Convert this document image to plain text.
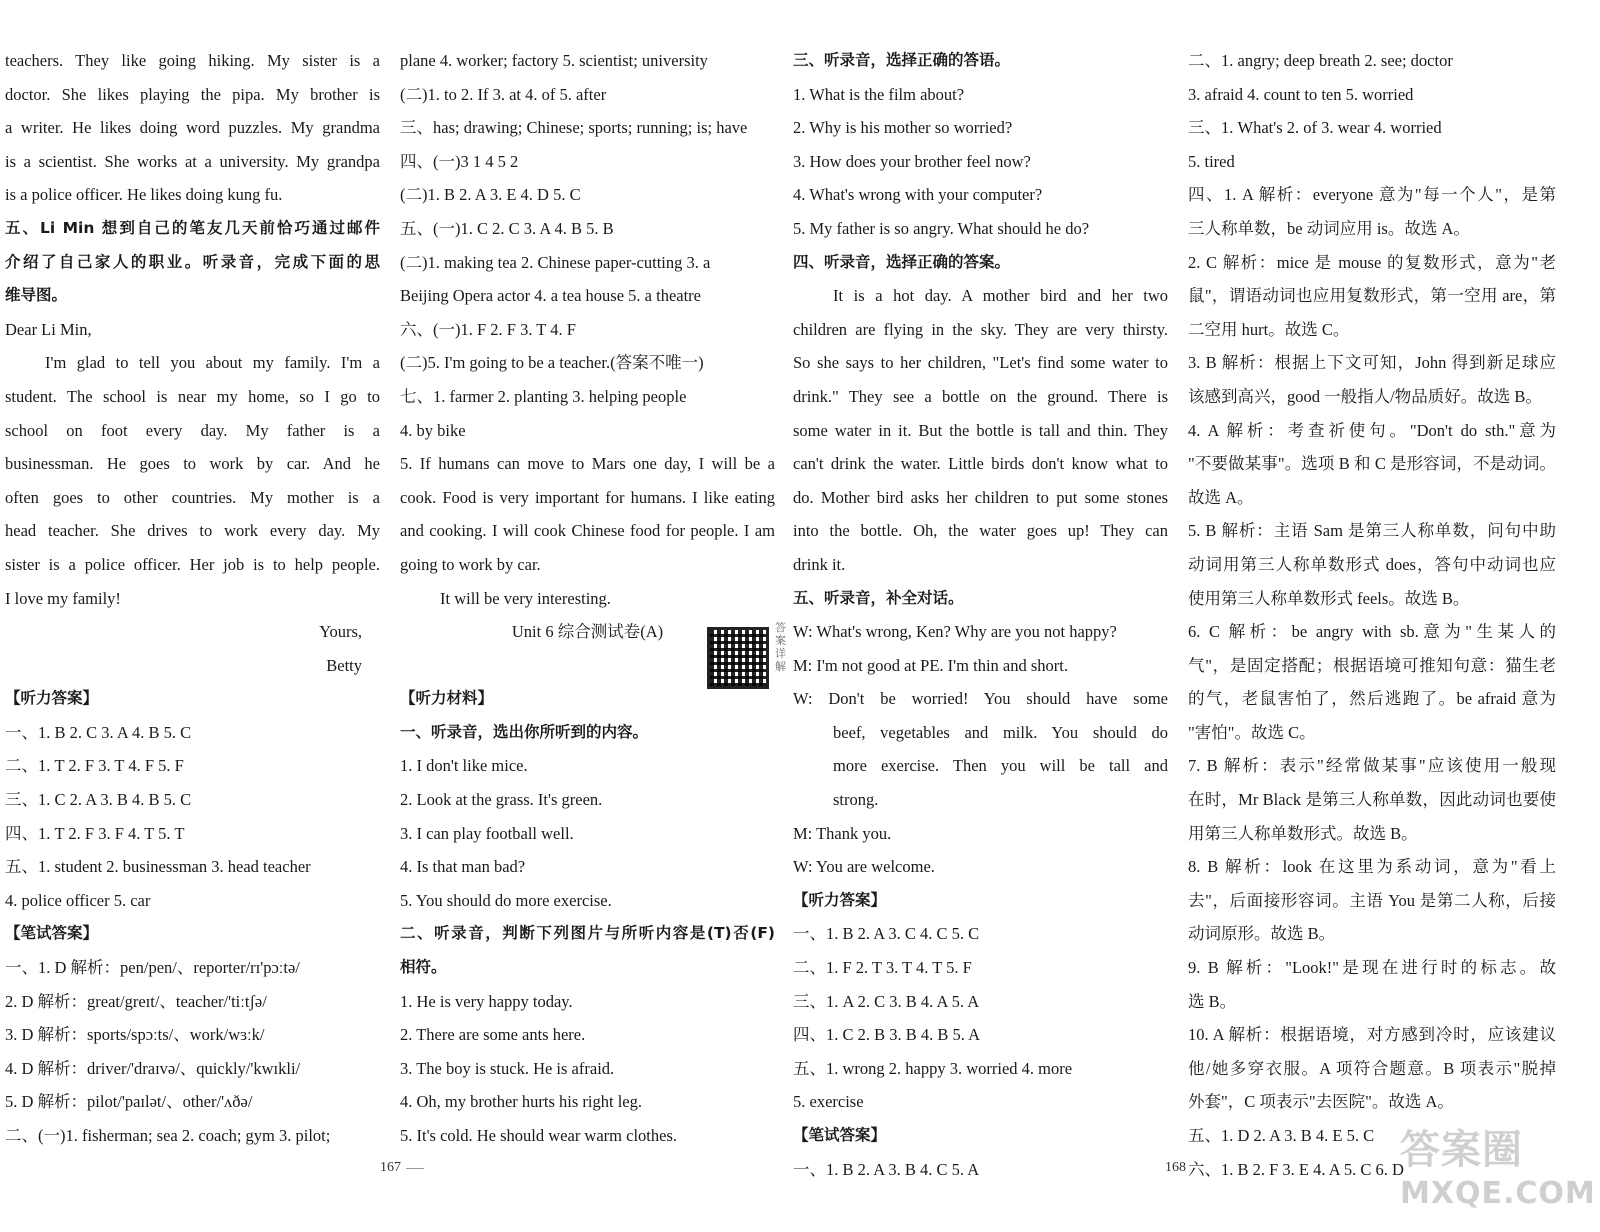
teachers. They like going hiking. My sister is a
doctor. She likes playing the pipa. My brother is
a writer. He likes doing word puzzles. My grandma
is a scientist. She works at a university. My grandpa
is a police officer. He likes doing kung fu.
五、Li Min 想到自己的笔友几天前恰巧通过邮件
介绍了自己家人的职业。听录音，完成下面的思
维导图。
Dear Li Min,
I'm glad to tell you about my family. I'm a
student. The school is near my home, so I go to
school on foot every day. My father is a
businessman. He goes to work by car. And he
often goes to other countries. My mother is a
head teacher. She drives to work every day. My
sister is a police officer. Her job is to help people.
I love my family!
Yours,
Betty
【听力答案】
一、1. B 2. C 3. A 4. B 5. C
二、1. T 2. F 3. T 4. F 5. F
三、1. C 2. A 3. B 4. B 5. C
四、1. T 2. F 3. F 4. T 5. T
五、1. student 2. businessman 3. head teacher
4. police officer 5. car
【笔试答案】
一、1. D 解析：pen/pen/、reporter/rɪ'pɔːtə/
2. D 解析：great/greɪt/、teacher/'tiːtʃə/
3. D 解析：sports/spɔːts/、work/wɜːk/
4. D 解析：driver/'draɪvə/、quickly/'kwɪkli/
5. D 解析：pilot/'paɪlət/、other/'ʌðə/
二、(一)1. fisherman; sea 2. coach; gym 3. pilot;
plane 4. worker; factory 5. scientist; university
(二)1. to 2. If 3. at 4. of 5. after
三、has; drawing; Chinese; sports; running; is; have
四、(一)3 1 4 5 2
(二)1. B 2. A 3. E 4. D 5. C
五、(一)1. C 2. C 3. A 4. B 5. B
(二)1. making tea 2. Chinese paper-cutting 3. a
Beijing Opera actor 4. a tea house 5. a theatre
六、(一)1. F 2. F 3. T 4. F
(二)5. I'm going to be a teacher.(答案不唯一)
七、1. farmer 2. planting 3. helping people
4. by bike
5. If humans can move to Mars one day, I will be a
cook. Food is very important for humans. I like eating
and cooking. I will cook Chinese food for people. I am
going to work by car.
It will be very interesting.
Unit 6 综合测试卷(A)
【听力材料】
一、听录音，选出你所听到的内容。
1. I don't like mice.
2. Look at the grass. It's green.
3. I can play football well.
4. Is that man bad?
5. You should do more exercise.
二、听录音，判断下列图片与所听内容是(T)否(F)
相符。
1. He is very happy today.
2. There are some ants here.
3. The boy is stuck. He is afraid.
4. Oh, my brother hurts his right leg.
5. It's cold. He should wear warm clothes.
三、听录音，选择正确的答语。
1. What is the film about?
2. Why is his mother so worried?
3. How does your brother feel now?
4. What's wrong with your computer?
5. My father is so angry. What should he do?
四、听录音，选择正确的答案。
It is a hot day. A mother bird and her two
children are flying in the sky. They are very thirsty.
So she says to her children, "Let's find some water to
drink." They see a bottle on the ground. There is
some water in it. But the bottle is tall and thin. They
can't drink the water. Little birds don't know what to
do. Mother bird asks her children to put some stones
into the bottle. Oh, the water goes up! They can
drink it.
五、听录音，补全对话。
W: What's wrong, Ken? Why are you not happy?
M: I'm not good at PE. I'm thin and short.
W: Don't be worried! You should have some
beef, vegetables and milk. You should do
more exercise. Then you will be tall and
strong.
M: Thank you.
W: You are welcome.
【听力答案】
一、1. B 2. A 3. C 4. C 5. C
二、1. F 2. T 3. T 4. T 5. F
三、1. A 2. C 3. B 4. A 5. A
四、1. C 2. B 3. B 4. B 5. A
五、1. wrong 2. happy 3. worried 4. more
5. exercise
【笔试答案】
一、1. B 2. A 3. B 4. C 5. A
二、1. angry; deep breath 2. see; doctor
3. afraid 4. count to ten 5. worried
三、1. What's 2. of 3. wear 4. worried
5. tired
四、1. A 解析：everyone 意为"每一个人"，是第
三人称单数，be 动词应用 is。故选 A。
2. C 解析：mice 是 mouse 的复数形式，意为"老
鼠"，谓语动词也应用复数形式，第一空用 are，第
二空用 hurt。故选 C。
3. B 解析：根据上下文可知，John 得到新足球应
该感到高兴，good 一般指人/物品质好。故选 B。
4. A 解析：考查祈使句。"Don't do sth."意为
"不要做某事"。选项 B 和 C 是形容词，不是动词。
故选 A。
5. B 解析：主语 Sam 是第三人称单数，问句中助
动词用第三人称单数形式 does，答句中动词也应
使用第三人称单数形式 feels。故选 B。
6. C 解析：be angry with sb.意为"生某人的
气"，是固定搭配；根据语境可推知句意：猫生老
的气，老鼠害怕了，然后逃跑了。be afraid 意为
"害怕"。故选 C。
7. B 解析：表示"经常做某事"应该使用一般现
在时，Mr Black 是第三人称单数，因此动词也要使
用第三人称单数形式。故选 B。
8. B 解析：look 在这里为系动词，意为"看上
去"，后面接形容词。主语 You 是第二人称，后接
动词原形。故选 B。
9. B 解析："Look!"是现在进行时的标志。故
选 B。
10. A 解析：根据语境，对方感到冷时，应该建议
他/她多穿衣服。A 项符合题意。B 项表示"脱掉
外套"，C 项表示"去医院"。故选 A。
五、1. D 2. A 3. B 4. E 5. C
六、1. B 2. F 3. E 4. A 5. C 6. D
答案详解
167	168	答案圈
MXQE.COM
